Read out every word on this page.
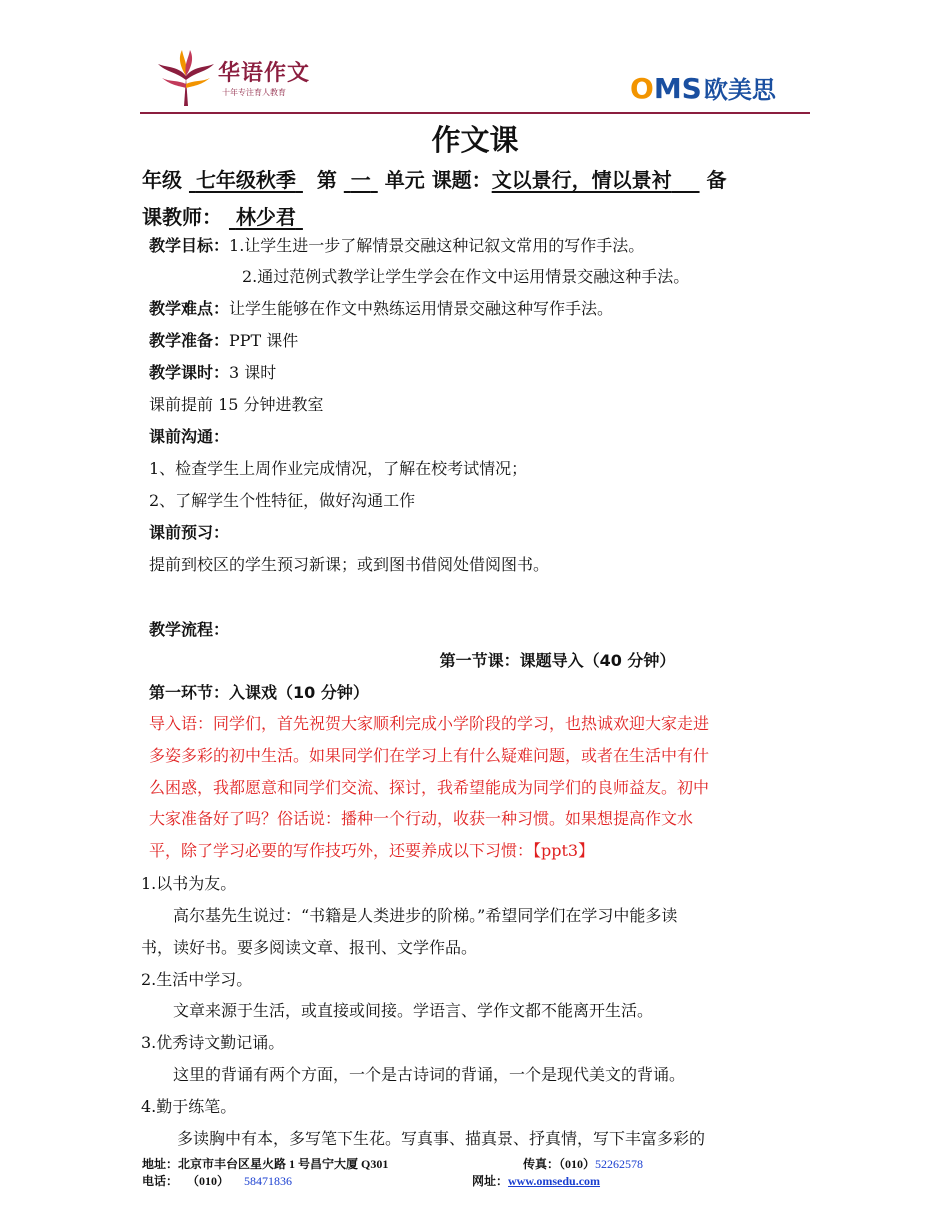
华语作文
十年专注育人教育	OMS欧美思
作文课
年级 七年级秋季 第 一 单元 课题：文以景行，情以景衬 备
课教师： 林少君
教学目标：1.让学生进一步了解情景交融这种记叙文常用的写作手法。
2.通过范例式教学让学生学会在作文中运用情景交融这种手法。
教学难点：让学生能够在作文中熟练运用情景交融这种写作手法。
教学准备：PPT 课件
教学课时：3 课时
课前提前 15 分钟进教室
课前沟通：
1、检查学生上周作业完成情况，了解在校考试情况；
2、了解学生个性特征，做好沟通工作
课前预习：
提前到校区的学生预习新课；或到图书借阅处借阅图书。
教学流程：
第一节课：课题导入（40 分钟）
第一环节：入课戏（10 分钟）
导入语：同学们，首先祝贺大家顺利完成小学阶段的学习，也热诚欢迎大家走进
多姿多彩的初中生活。如果同学们在学习上有什么疑难问题，或者在生活中有什
么困惑，我都愿意和同学们交流、探讨，我希望能成为同学们的良师益友。初中
大家准备好了吗？俗话说：播种一个行动，收获一种习惯。如果想提高作文水
平，除了学习必要的写作技巧外，还要养成以下习惯：【ppt3】
1.以书为友。
高尔基先生说过：“书籍是人类进步的阶梯。”希望同学们在学习中能多读
书，读好书。要多阅读文章、报刊、文学作品。
2.生活中学习。
文章来源于生活，或直接或间接。学语言、学作文都不能离开生活。
3.优秀诗文勤记诵。
这里的背诵有两个方面，一个是古诗词的背诵，一个是现代美文的背诵。
4.勤于练笔。
多读胸中有本，多写笔下生花。写真事、描真景、抒真情，写下丰富多彩的
地址：北京市丰台区星火路 1 号昌宁大厦 Q301	传真：（010）52262578
电话： （010） 58471836	网址：www.omsedu.com
